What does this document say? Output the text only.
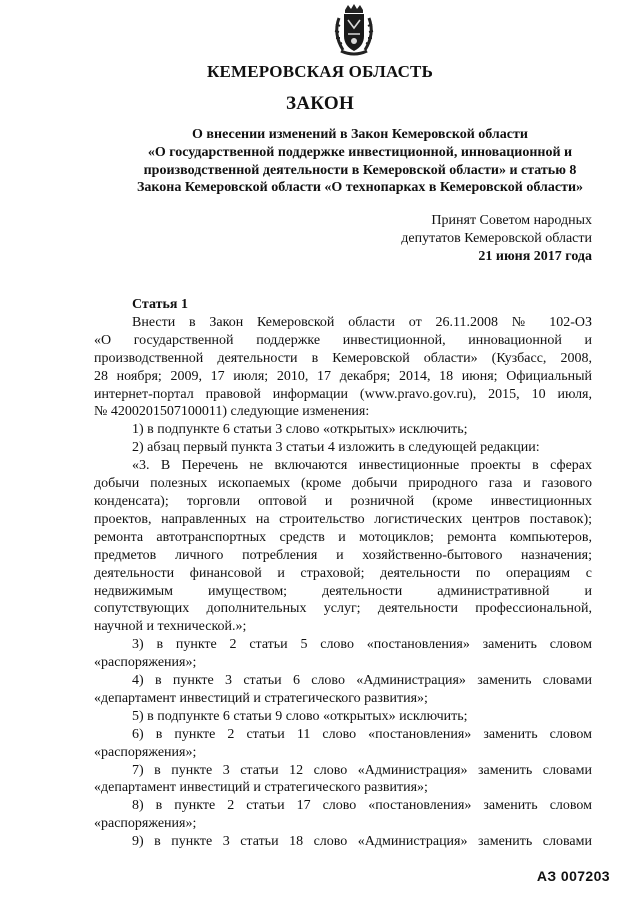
КЕМЕРОВСКАЯ ОБЛАСТЬ
ЗАКОН
О внесении изменений в Закон Кемеровской области
«О государственной поддержке инвестиционной, инновационной и
производственной деятельности в Кемеровской области» и статью 8
Закона Кемеровской области «О технопарках в Кемеровской области»
Принят Советом народных
депутатов Кемеровской области
21 июня 2017 года
Статья 1
Внести в Закон Кемеровской области от 26.11.2008 № 102-ОЗ
«О государственной поддержке инвестиционной, инновационной и
производственной деятельности в Кемеровской области» (Кузбасс, 2008,
28 ноября; 2009, 17 июля; 2010, 17 декабря; 2014, 18 июня; Официальный
интернет-портал правовой информации (www.pravo.gov.ru), 2015, 10 июля,
№ 4200201507100011) следующие изменения:
1) в подпункте 6 статьи 3 слово «открытых» исключить;
2) абзац первый пункта 3 статьи 4 изложить в следующей редакции:
«3. В Перечень не включаются инвестиционные проекты в сферах
добычи полезных ископаемых (кроме добычи природного газа и газового
конденсата); торговли оптовой и розничной (кроме инвестиционных
проектов, направленных на строительство логистических центров поставок);
ремонта автотранспортных средств и мотоциклов; ремонта компьютеров,
предметов личного потребления и хозяйственно-бытового назначения;
деятельности финансовой и страховой; деятельности по операциям с
недвижимым имуществом; деятельности административной и
сопутствующих дополнительных услуг; деятельности профессиональной,
научной и технической.»;
3) в пункте 2 статьи 5 слово «постановления» заменить словом
«распоряжения»;
4) в пункте 3 статьи 6 слово «Администрация» заменить словами
«департамент инвестиций и стратегического развития»;
5) в подпункте 6 статьи 9 слово «открытых» исключить;
6) в пункте 2 статьи 11 слово «постановления» заменить словом
«распоряжения»;
7) в пункте 3 статьи 12 слово «Администрация» заменить словами
«департамент инвестиций и стратегического развития»;
8) в пункте 2 статьи 17 слово «постановления» заменить словом
«распоряжения»;
9) в пункте 3 статьи 18 слово «Администрация» заменить словами
АЗ 007203
